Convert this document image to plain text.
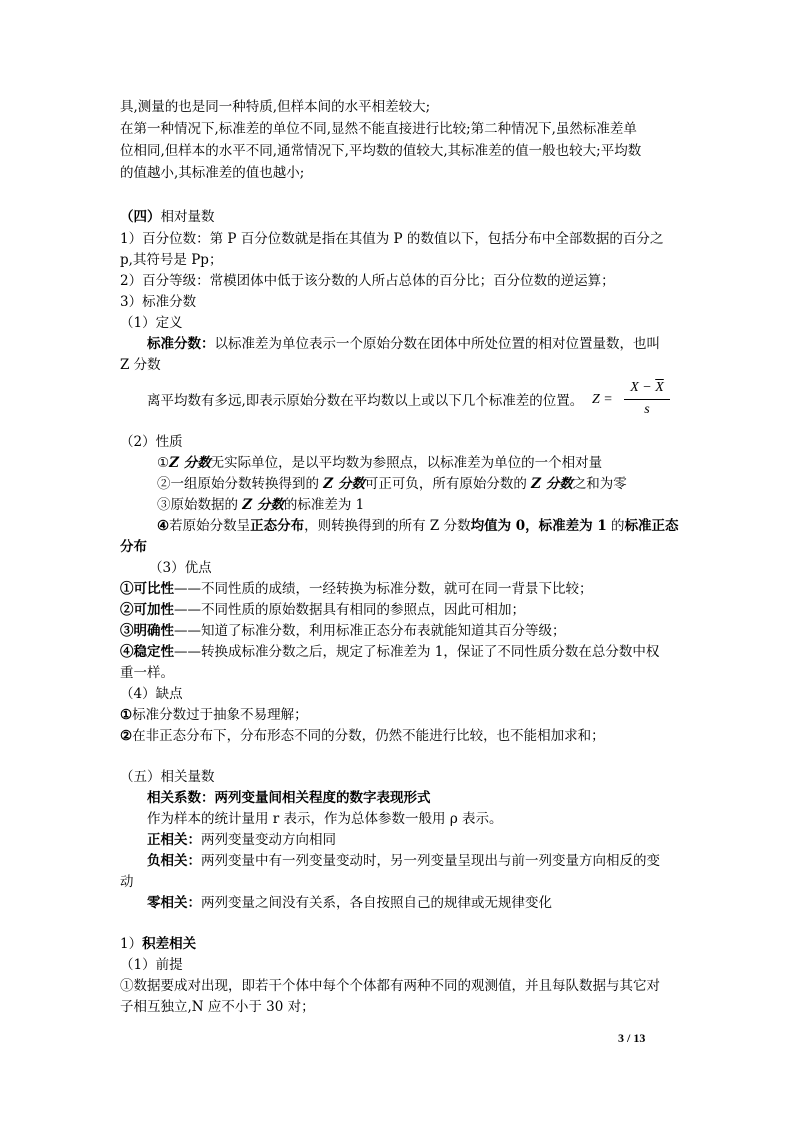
具,测量的也是同一种特质,但样本间的水平相差较大;
在第一种情况下,标准差的单位不同,显然不能直接进行比较;第二种情况下,虽然标准差单
位相同,但样本的水平不同,通常情况下,平均数的值较大,其标准差的值一般也较大;平均数
的值越小,其标准差的值也越小;
（四）相对量数
1）百分位数：第 P 百分位数就是指在其值为 P 的数值以下，包括分布中全部数据的百分之
p,其符号是 Pp；
2）百分等级：常模团体中低于该分数的人所占总体的百分比；百分位数的逆运算；
3）标准分数
（1）定义
标准分数：以标准差为单位表示一个原始分数在团体中所处位置的相对位置量数，也叫
Z 分数
离平均数有多远,即表示原始分数在平均数以上或以下几个标准差的位置。 Z =
$X - \overline{X}$
s
（2）性质
①Z 分数无实际单位，是以平均数为参照点，以标准差为单位的一个相对量
②一组原始分数转换得到的 Z 分数可正可负，所有原始分数的 Z 分数之和为零
③原始数据的 Z 分数的标准差为 1
④若原始分数呈正态分布，则转换得到的所有 Z 分数均值为 0，标准差为 1 的标准正态
分布
（3）优点
①可比性——不同性质的成绩，一经转换为标准分数，就可在同一背景下比较；
②可加性——不同性质的原始数据具有相同的参照点，因此可相加；
③明确性——知道了标准分数，利用标准正态分布表就能知道其百分等级；
④稳定性——转换成标准分数之后，规定了标准差为 1，保证了不同性质分数在总分数中权
重一样。
（4）缺点
①标准分数过于抽象不易理解；
②在非正态分布下，分布形态不同的分数，仍然不能进行比较，也不能相加求和；
（五）相关量数
相关系数：两列变量间相关程度的数字表现形式
作为样本的统计量用 r 表示，作为总体参数一般用 ρ 表示。
正相关：两列变量变动方向相同
负相关：两列变量中有一列变量变动时，另一列变量呈现出与前一列变量方向相反的变
动
零相关：两列变量之间没有关系，各自按照自己的规律或无规律变化
1）积差相关
（1）前提
①数据要成对出现，即若干个体中每个个体都有两种不同的观测值，并且每队数据与其它对
子相互独立,N 应不小于 30 对；
3 / 13
